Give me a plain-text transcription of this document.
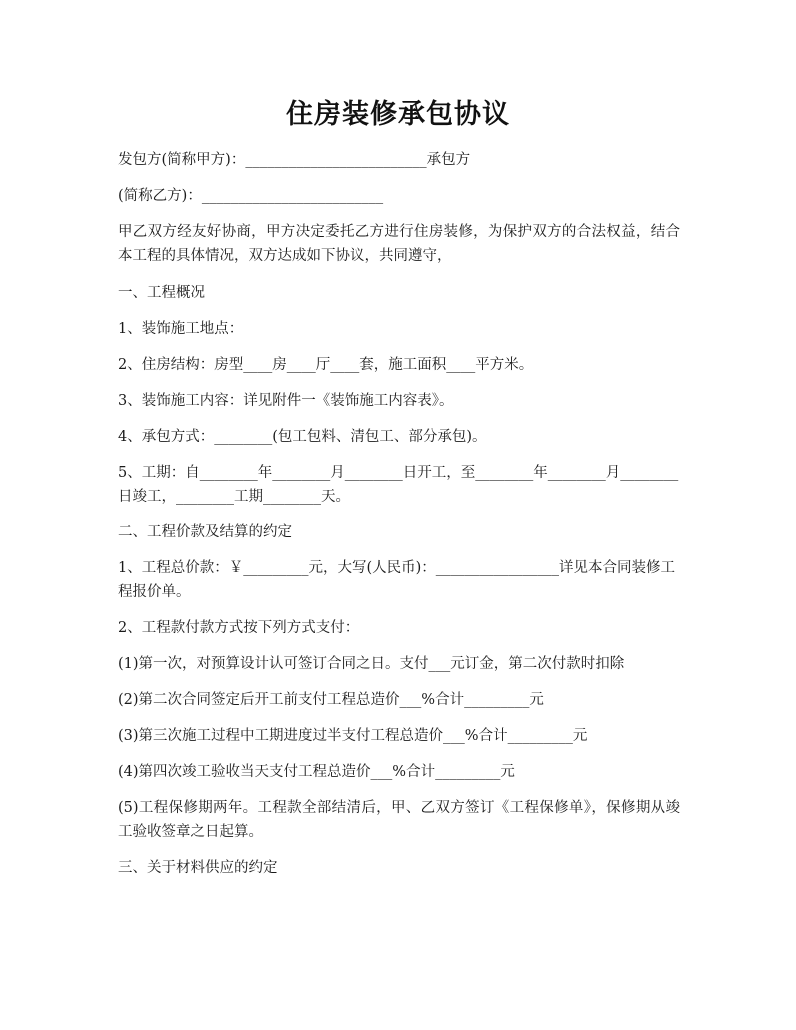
住房装修承包协议
发包方(简称甲方)：_________________________承包方
(简称乙方)：_________________________
甲乙双方经友好协商，甲方决定委托乙方进行住房装修，为保护双方的合法权益，结合本工程的具体情况，双方达成如下协议，共同遵守，
一、工程概况
1、装饰施工地点：
2、住房结构：房型____房____厅____套，施工面积____平方米。
3、装饰施工内容：详见附件一《装饰施工内容表》。
4、承包方式：________(包工包料、清包工、部分承包)。
5、工期：自________年________月________日开工，至________年________月________日竣工，________工期________天。
二、工程价款及结算的约定
1、工程总价款：￥_________元，大写(人民币)：_________________详见本合同装修工程报价单。
2、工程款付款方式按下列方式支付：
(1)第一次，对预算设计认可签订合同之日。支付___元订金，第二次付款时扣除
(2)第二次合同签定后开工前支付工程总造价___%合计_________元
(3)第三次施工过程中工期进度过半支付工程总造价___%合计_________元
(4)第四次竣工验收当天支付工程总造价___%合计_________元
(5)工程保修期两年。工程款全部结清后，甲、乙双方签订《工程保修单》，保修期从竣工验收签章之日起算。
三、关于材料供应的约定
